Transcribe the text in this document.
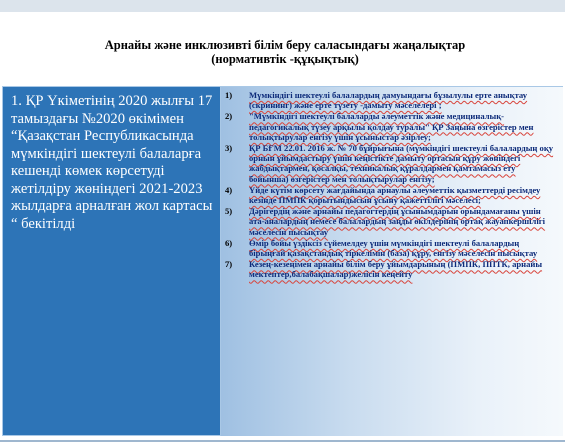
Арнайы және инклюзивті білім беру саласындағы жаңалықтар
(нормативтік -құқықтық)
1. ҚР Үкіметінің 2020 жылғы 17 тамыздағы №2020 өкімімен “Қазақстан Республикасында мүмкіндігі шектеулі балаларға кешенді көмек көрсетуді жетілдіру жөніндегі 2021-2023 жылдарға арналған жол картасы “ бекітілді
1)	Мүмкіндігі шектеулі балалардың дамуындағы бұзылулы ерте анықтау (скрининг) және ерте түзету -дамыту мәселелері ;
2)	"Мүмкіндігі шектеулі балаларды әлеуметтік және медициналық-педагогикалық түзеу арқылы қолдау туралы" ҚР Заңына өзгерістер мен толықтырулар енгізу үшін ұсыныстар әзірлеу;
3)	ҚР БҒМ 22.01. 2016 ж. № 70 бұйрығына (мүмкіндігі шектеулі балалардың оқу орнын ұйымдастыру үшін кеңістікте дамыту ортасын құру жөніндегі жабдықтармен, қосалқы, техникалық құралдармен қамтамасыз ету бойынша) өзгерістер мен толықтырулар енгізу;
4)	Үйде күтім көрсету жағдайында арнаулы әлеуметтік қызметтерді ресімдеу кезінде ПМПК қорытындысын ұсыну қажеттілігі мәселесі;
5)	Дәрігердің және арнайы педагогтердің ұсынымдарын орындамағаны үшін ата-аналардың немесе балалардың заңды өкілдерінің ортақ жауапкершілігі мәселесін пысықтау
6)	Өмір бойы үздіксіз сүйемелдеу үшін мүмкіндігі шектеулі балалардың бірыңғай қазақстандық тіркелімін (база) құру, енгізу мәселесін пысықтау
7)	Кезең-кезеңімен арнайы білім беру ұйымдарының (ПМПК, ППТК, арнайы мектептер,балабақшалар)желісін кеңейту
